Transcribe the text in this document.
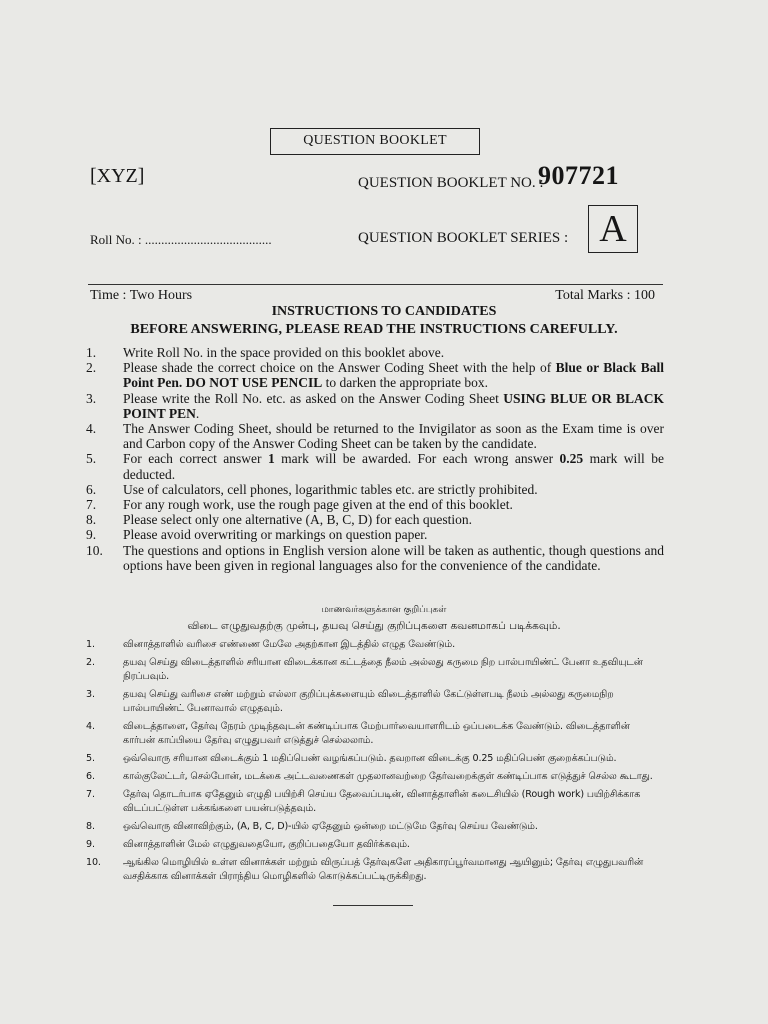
QUESTION BOOKLET
[XYZ]	QUESTION BOOKLET NO. :
907721
Roll No. : .......................................	QUESTION BOOKLET SERIES : A
Time : Two Hours	Total Marks : 100
INSTRUCTIONS TO CANDIDATES
BEFORE ANSWERING, PLEASE READ THE INSTRUCTIONS CAREFULLY.
1. Write Roll No. in the space provided on this booklet above.
2. Please shade the correct choice on the Answer Coding Sheet with the help of Blue or Black Ball Point Pen. DO NOT USE PENCIL to darken the appropriate box.
3. Please write the Roll No. etc. as asked on the Answer Coding Sheet USING BLUE OR BLACK POINT PEN.
4. The Answer Coding Sheet, should be returned to the Invigilator as soon as the Exam time is over and Carbon copy of the Answer Coding Sheet can be taken by the candidate.
5. For each correct answer 1 mark will be awarded. For each wrong answer 0.25 mark will be deducted.
6. Use of calculators, cell phones, logarithmic tables etc. are strictly prohibited.
7. For any rough work, use the rough page given at the end of this booklet.
8. Please select only one alternative (A, B, C, D) for each question.
9. Please avoid overwriting or markings on question paper.
10. The questions and options in English version alone will be taken as authentic, though questions and options have been given in regional languages also for the convenience of the candidate.
மாணவர்களுக்கான குறிப்புகள்
விடை எழுதுவதற்கு முன்பு, தயவு செய்து குறிப்புகளை கவனமாகப் படிக்கவும்.
1.	வினாத்தாளில் வரிசை எண்ணை மேலே அதற்கான இடத்தில் எழுத வேண்டும்.
2.	தயவு செய்து விடைத்தாளில் சரியான விடைக்கான கட்டத்தை நீலம் அல்லது கருமை நிற பால்பாயிண்ட் பேனா உதவியுடன் நிரப்பவும்.
3.	தயவு செய்து வரிசை எண் மற்றும் எல்லா குறிப்புக்களையும் விடைத்தாளில் கேட்டுள்ளபடி நீலம் அல்லது கருமைநிற பால்பாயிண்ட் பேனாவால் எழுதவும்.
4.	விடைத்தாளை, தேர்வு நேரம் முடிந்தவுடன் கண்டிப்பாக மேற்பார்வையாளரிடம் ஒப்படைக்க வேண்டும். விடைத்தாளின் கார்பன் காப்பியை தேர்வு எழுதுபவர் எடுத்துச் செல்லலாம்.
5.	ஒவ்வொரு சரியான விடைக்கும் 1 மதிப்பெண் வழங்கப்படும். தவறான விடைக்கு 0.25 மதிப்பெண் குறைக்கப்படும்.
6.	கால்குலேட்டர், செல்போன், மடக்கை அட்டவணைகள் முதலானவற்றை தேர்வறைக்குள் கண்டிப்பாக எடுத்துச் செல்ல கூடாது.
7.	தேர்வு தொடர்பாக ஏதேனும் எழுதி பயிற்சி செய்ய தேவைப்படின், வினாத்தாளின் கடைசியில் (Rough work) பயிற்சிக்காக விடப்பட்டுள்ள பக்கங்களை பயன்படுத்தவும்.
8.	ஒவ்வொரு வினாவிற்கும், (A, B, C, D)-யில் ஏதேனும் ஒன்றை மட்டுமே தேர்வு செய்ய வேண்டும்.
9.	வினாத்தாளின் மேல் எழுதுவதையோ, குறிப்பதையோ தவிர்க்கவும்.
10. ஆங்கில மொழியில் உள்ள வினாக்கள் மற்றும் விருப்பத் தேர்வுகளே அதிகாரப்பூர்வமானது ஆயினும்; தேர்வு எழுதுபவரின் வசதிக்காக வினாக்கள் பிராந்திய மொழிகளில் கொடுக்கப்பட்டிருக்கிறது.
